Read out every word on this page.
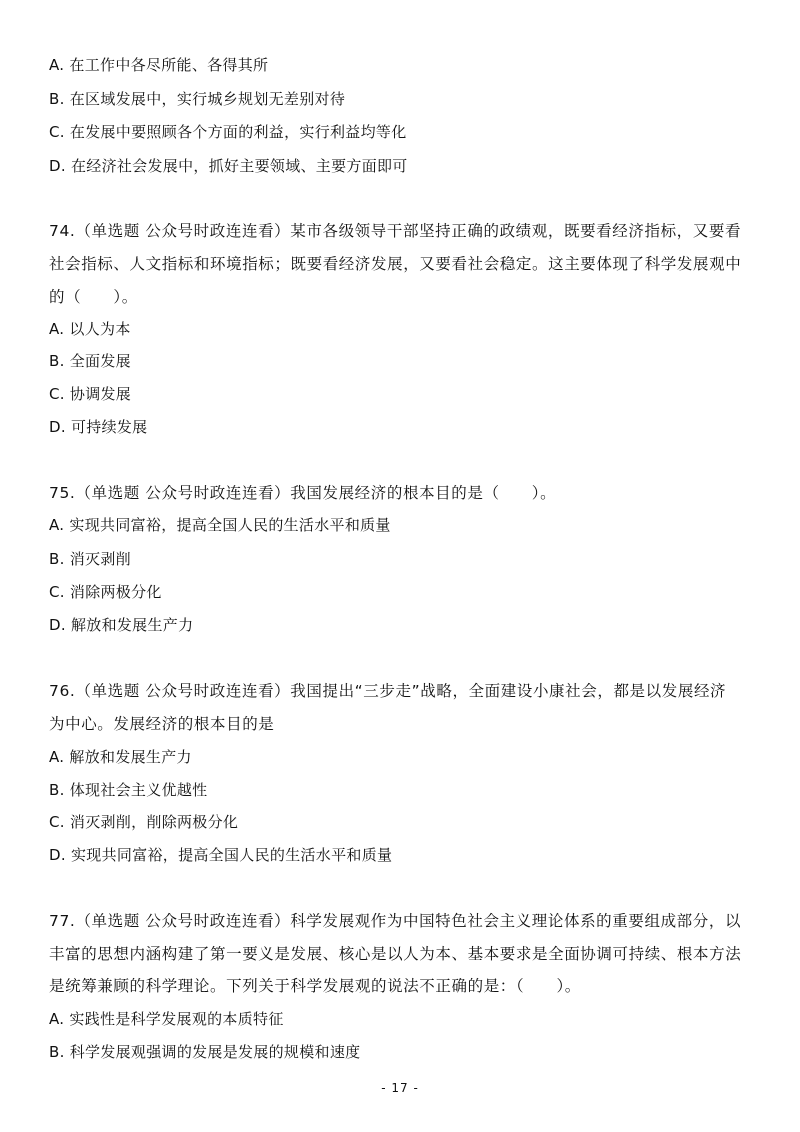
A. 在工作中各尽所能、各得其所
B. 在区域发展中，实行城乡规划无差别对待
C. 在发展中要照顾各个方面的利益，实行利益均等化
D. 在经济社会发展中，抓好主要领域、主要方面即可
74.（单选题 公众号时政连连看）某市各级领导干部坚持正确的政绩观，既要看经济指标，又要看
社会指标、人文指标和环境指标；既要看经济发展，又要看社会稳定。这主要体现了科学发展观中
的（　　）。
A. 以人为本
B. 全面发展
C. 协调发展
D. 可持续发展
75.（单选题 公众号时政连连看）我国发展经济的根本目的是（　　）。
A. 实现共同富裕，提高全国人民的生活水平和质量
B. 消灭剥削
C. 消除两极分化
D. 解放和发展生产力
76.（单选题 公众号时政连连看）我国提出“三步走”战略，全面建设小康社会，都是以发展经济
为中心。发展经济的根本目的是
A. 解放和发展生产力
B. 体现社会主义优越性
C. 消灭剥削，削除两极分化
D. 实现共同富裕，提高全国人民的生活水平和质量
77.（单选题 公众号时政连连看）科学发展观作为中国特色社会主义理论体系的重要组成部分，以
丰富的思想内涵构建了第一要义是发展、核心是以人为本、基本要求是全面协调可持续、根本方法
是统筹兼顾的科学理论。下列关于科学发展观的说法不正确的是：（　　）。
A. 实践性是科学发展观的本质特征
B. 科学发展观强调的发展是发展的规模和速度
- 17 -
